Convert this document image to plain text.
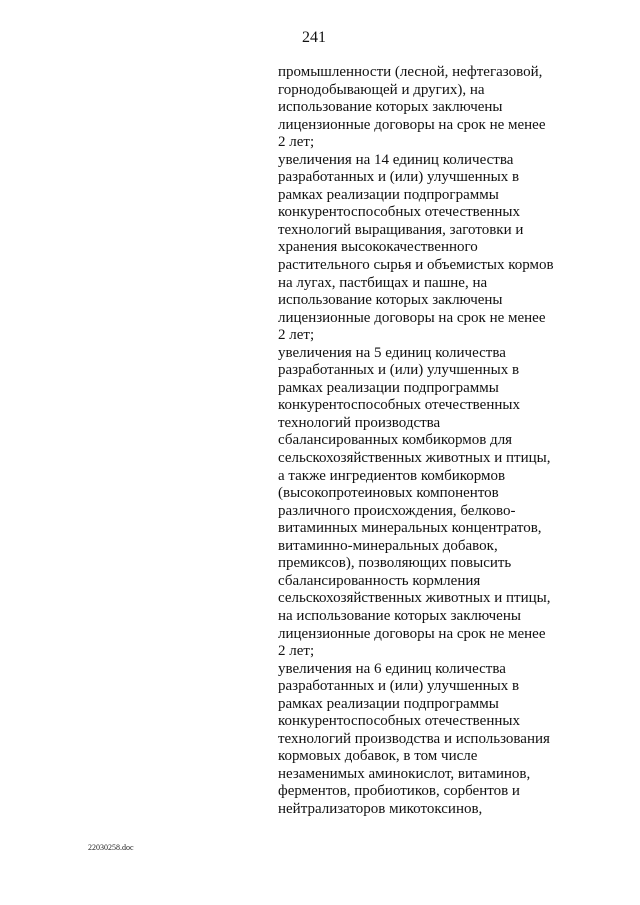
241
промышленности (лесной, нефтегазовой,
горнодобывающей и других), на
использование которых заключены
лицензионные договоры на срок не менее
2 лет;
увеличения на 14 единиц количества
разработанных и (или) улучшенных в
рамках реализации подпрограммы
конкурентоспособных отечественных
технологий выращивания, заготовки и
хранения высококачественного
растительного сырья и объемистых кормов
на лугах, пастбищах и пашне, на
использование которых заключены
лицензионные договоры на срок не менее
2 лет;
увеличения на 5 единиц количества
разработанных и (или) улучшенных в
рамках реализации подпрограммы
конкурентоспособных отечественных
технологий производства
сбалансированных комбикормов для
сельскохозяйственных животных и птицы,
а также ингредиентов комбикормов
(высокопротеиновых компонентов
различного происхождения, белково-
витаминных минеральных концентратов,
витаминно-минеральных добавок,
премиксов), позволяющих повысить
сбалансированность кормления
сельскохозяйственных животных и птицы,
на использование которых заключены
лицензионные договоры на срок не менее
2 лет;
увеличения на 6 единиц количества
разработанных и (или) улучшенных в
рамках реализации подпрограммы
конкурентоспособных отечественных
технологий производства и использования
кормовых добавок, в том числе
незаменимых аминокислот, витаминов,
ферментов, пробиотиков, сорбентов и
нейтрализаторов микотоксинов,
22030258.doc
